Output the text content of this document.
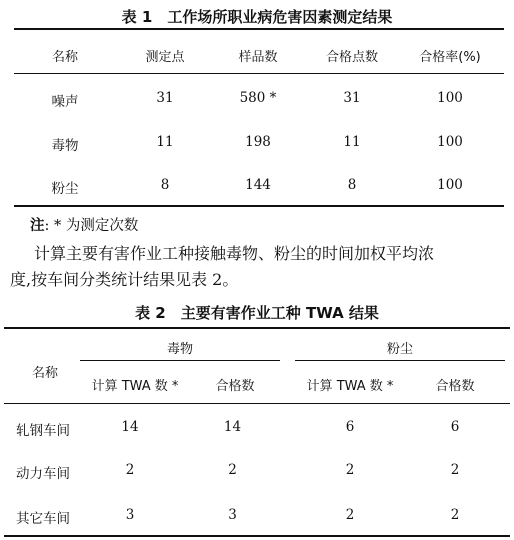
表 1　工作场所职业病危害因素测定结果
名称	测定点	样品数	合格点数	合格率(%)
噪声	31	580 *	31	100
毒物	11	198	11	100
粉尘	8	144	8	100
注: * 为测定次数
计算主要有害作业工种接触毒物、粉尘的时间加权平均浓
度,按车间分类统计结果见表 2。
表 2　主要有害作业工种 TWA 结果
名称
毒物	粉尘
计算 TWA 数 *	合格数	计算 TWA 数 *	合格数
轧钢车间	14	14	6	6
动力车间	2	2	2	2
其它车间	3	3	2	2
